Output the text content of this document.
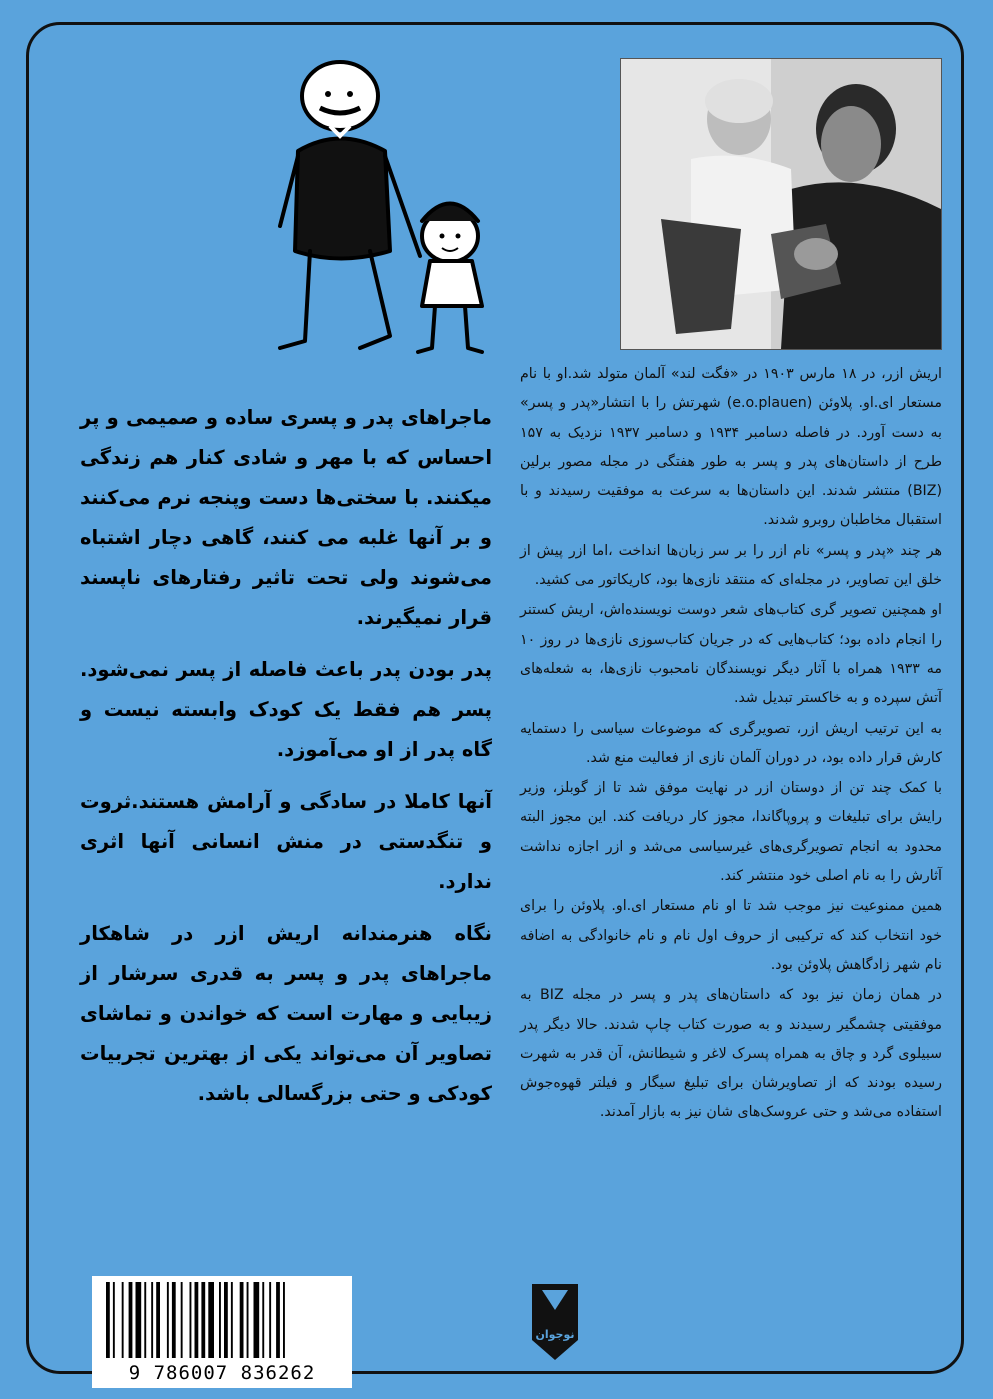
اریش ازر، در ۱۸ مارس ۱۹۰۳ در «فگت لند» آلمان متولد شد.او با نام مستعار ای.او. پلاوئن (e.o.plauen) شهرتش را با انتشار«پدر و پسر» به دست آورد. در فاصله دسامبر ۱۹۳۴ و دسامبر ۱۹۳۷ نزدیک به ۱۵۷ طرح از داستان‌های پدر و پسر به طور هفتگی در مجله مصور برلین (BIZ) منتشر شدند. این داستان‌ها به سرعت به موفقیت رسیدند و با استقبال مخاطبان روبرو شدند.

هر چند «پدر و پسر» نام ازر را بر سر زبان‌ها انداخت ،اما ازر پیش از خلق این تصاویر، در مجله‌ای که منتقد نازی‌ها بود، کاریکاتور می کشید.

او همچنین تصویر گری کتاب‌های شعر دوست نویسنده‌اش، اریش کستنر را انجام داده بود؛ کتاب‌هایی که در جریان کتاب‌سوزی نازی‌ها در روز ۱۰ مه ۱۹۳۳ همراه با آثار دیگر نویسندگان نامحبوب نازی‌ها، به شعله‌های آتش سپرده و به خاکستر تبدیل شد.

به این ترتیب اریش ازر، تصویرگری که موضوعات سیاسی را دستمایه کارش قرار داده بود، در دوران آلمان نازی از فعالیت منع شد.

با کمک چند تن از دوستان ازر در نهایت موفق شد تا از گوبلز، وزیر رایش برای تبلیغات و پروپاگاندا، مجوز کار دریافت کند. این مجوز البته محدود به انجام تصویرگری‌های غیرسیاسی می‌شد و ازر اجازه نداشت آثارش را به نام اصلی خود منتشر کند.

همین ممنوعیت نیز موجب شد تا او نام مستعار ای.او. پلاوئن را برای خود انتخاب کند که ترکیبی از حروف اول نام و نام خانوادگی به اضافه نام شهر زادگاهش پلاوئن بود.

در همان زمان نیز بود که داستان‌های پدر و پسر در مجله BIZ به موفقیتی چشمگیر رسیدند و به صورت کتاب چاپ شدند. حالا دیگر پدر سبیلوی گرد و چاق به همراه پسرک لاغر و شیطانش، آن قدر به شهرت رسیده بودند که از تصاویرشان برای تبلیغ سیگار و فیلتر قهوه‌جوش استفاده می‌شد و حتی عروسک‌های شان نیز به بازار آمدند.

ماجراهای پدر و پسری ساده و صمیمی و پر احساس که با مهر و شادی کنار هم زندگی میکنند. با سختی‌ها دست وپنجه نرم می‌کنند و بر آنها غلبه می کنند، گاهی دچار اشتباه می‌شوند ولی تحت تاثیر رفتارهای ناپسند قرار نمیگیرند.

پدر بودن پدر باعث فاصله از پسر نمی‌شود. پسر هم فقط یک کودک وابسته نیست و گاه پدر از او می‌آموزد.

آنها کاملا در سادگی و آرامش هستند.ثروت و تنگدستی در منش انسانی آنها اثری ندارد.

نگاه هنرمندانه اریش ازر در شاهکار ماجراهای پدر و پسر به قدری سرشار از زیبایی و مهارت است که خواندن و تماشای تصاویر آن می‌تواند یکی از بهترین تجربیات کودکی و حتی بزرگسالی باشد.

9 786007 836262
نوجوان
